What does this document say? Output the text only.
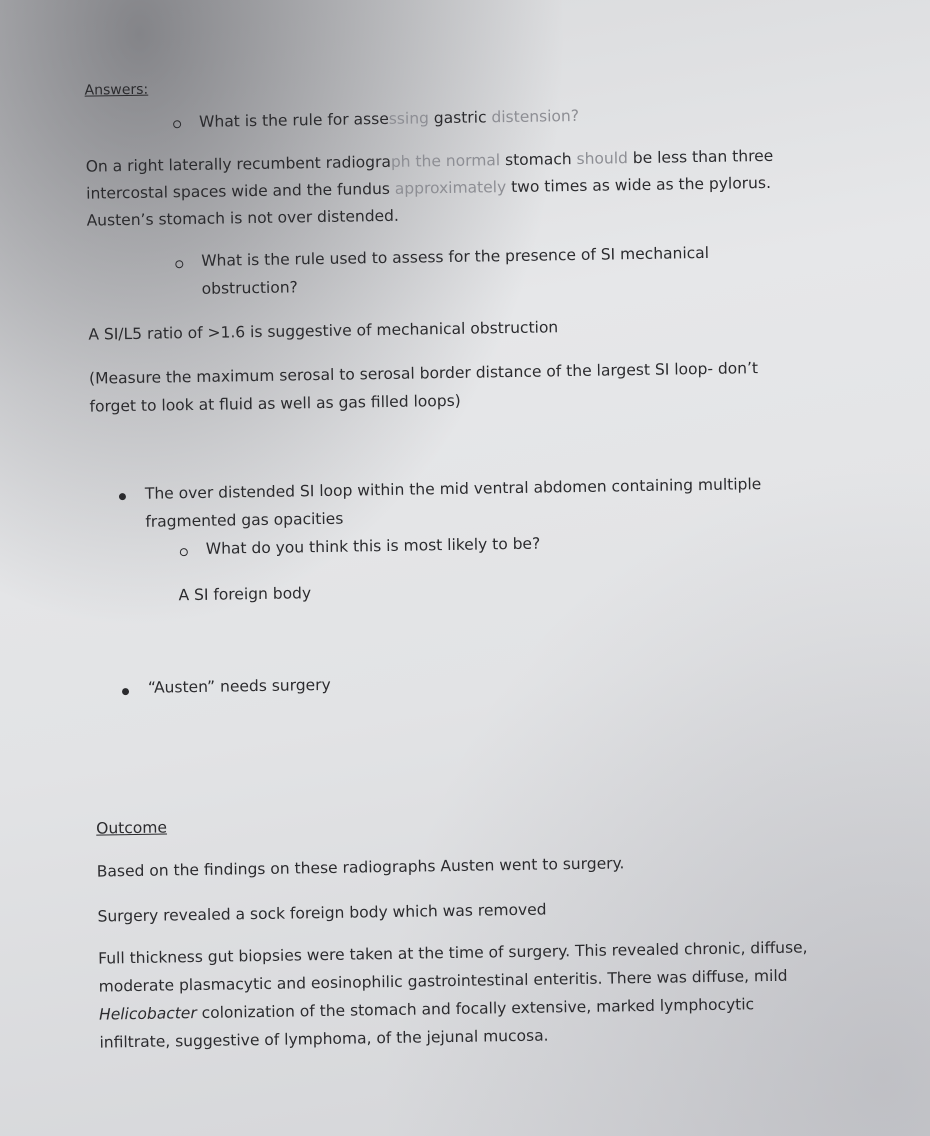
Answers:
What is the rule for assessing gastric distension?
On a right laterally recumbent radiograph the normal stomach should be less than three
intercostal spaces wide and the fundus approximately two times as wide as the pylorus.
Austen’s stomach is not over distended.
What is the rule used to assess for the presence of SI mechanical
obstruction?
A SI/L5 ratio of >1.6 is suggestive of mechanical obstruction
(Measure the maximum serosal to serosal border distance of the largest SI loop- don’t
forget to look at fluid as well as gas filled loops)
The over distended SI loop within the mid ventral abdomen containing multiple
fragmented gas opacities
What do you think this is most likely to be?
A SI foreign body
“Austen” needs surgery
Outcome
Based on the findings on these radiographs Austen went to surgery.
Surgery revealed a sock foreign body which was removed
Full thickness gut biopsies were taken at the time of surgery. This revealed chronic, diffuse,
moderate plasmacytic and eosinophilic gastrointestinal enteritis. There was diffuse, mild
Helicobacter colonization of the stomach and focally extensive, marked lymphocytic
infiltrate, suggestive of lymphoma, of the jejunal mucosa.
